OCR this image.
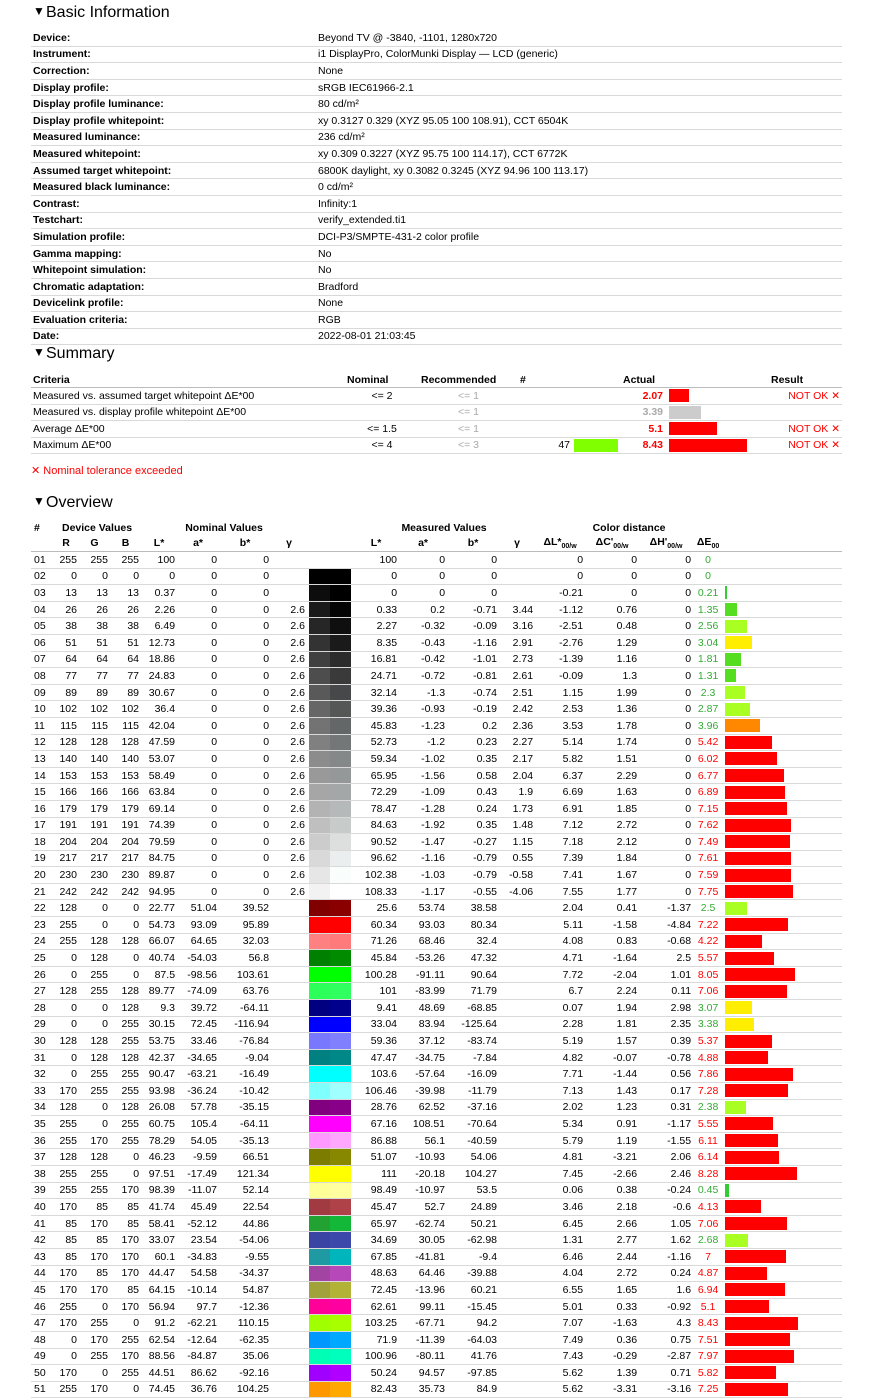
▼ Basic Information
Device:	Beyond TV @ -3840, -1101, 1280x720
Instrument:	i1 DisplayPro, ColorMunki Display — LCD (generic)
Correction:	None
Display profile:	sRGB IEC61966-2.1
Display profile luminance:	80 cd/m²
Display profile whitepoint:	xy 0.3127 0.329 (XYZ 95.05 100 108.91), CCT 6504K
Measured luminance:	236 cd/m²
Measured whitepoint:	xy 0.309 0.3227 (XYZ 95.75 100 114.17), CCT 6772K
Assumed target whitepoint:	6800K daylight, xy 0.3082 0.3245 (XYZ 94.96 100 113.17)
Measured black luminance:	0 cd/m²
Contrast:	Infinity:1
Testchart:	verify_extended.ti1
Simulation profile:	DCI-P3/SMPTE-431-2 color profile
Gamma mapping:	No
Whitepoint simulation:	No
Chromatic adaptation:	Bradford
Devicelink profile:	None
Evaluation criteria:	RGB
Date:	2022-08-01 21:03:45
▼ Summary
Criteria	Nominal	Recommended	#		Actual		Result
Measured vs. assumed target whitepoint ΔE*00	<= 2	<= 1			2.07		NOT OK ✕
Measured vs. display profile whitepoint ΔE*00		<= 1			3.39		
Average ΔE*00	<= 1.5	<= 1			5.1		NOT OK ✕
Maximum ΔE*00	<= 4	<= 3	47		8.43		NOT OK ✕
✕ Nominal tolerance exceeded
▼ Overview
#	Device Values			Nominal Values					Measured Values				Color distance				
	R	G	B	L*	a*	b*	γ		L*	a*	b*	γ	$\Delta L*_{00/w}$	$\Delta C'_{00/w}$	$\Delta H'_{00/w}$	$\Delta E_{00}$	
01	255	255	255	100	0	0			100	0	0		0	0	0	0	
02	0	0	0	0	0	0			0	0	0		0	0	0	0	
03	13	13	13	0.37	0	0			0	0	0		-0.21	0	0	0.21	
04	26	26	26	2.26	0	0	2.6		0.33	0.2	-0.71	3.44	-1.12	0.76	0	1.35	
05	38	38	38	6.49	0	0	2.6		2.27	-0.32	-0.09	3.16	-2.51	0.48	0	2.56	
06	51	51	51	12.73	0	0	2.6		8.35	-0.43	-1.16	2.91	-2.76	1.29	0	3.04	
07	64	64	64	18.86	0	0	2.6		16.81	-0.42	-1.01	2.73	-1.39	1.16	0	1.81	
08	77	77	77	24.83	0	0	2.6		24.71	-0.72	-0.81	2.61	-0.09	1.3	0	1.31	
09	89	89	89	30.67	0	0	2.6		32.14	-1.3	-0.74	2.51	1.15	1.99	0	2.3	
10	102	102	102	36.4	0	0	2.6		39.36	-0.93	-0.19	2.42	2.53	1.36	0	2.87	
11	115	115	115	42.04	0	0	2.6		45.83	-1.23	0.2	2.36	3.53	1.78	0	3.96	
12	128	128	128	47.59	0	0	2.6		52.73	-1.2	0.23	2.27	5.14	1.74	0	5.42	
13	140	140	140	53.07	0	0	2.6		59.34	-1.02	0.35	2.17	5.82	1.51	0	6.02	
14	153	153	153	58.49	0	0	2.6		65.95	-1.56	0.58	2.04	6.37	2.29	0	6.77	
15	166	166	166	63.84	0	0	2.6		72.29	-1.09	0.43	1.9	6.69	1.63	0	6.89	
16	179	179	179	69.14	0	0	2.6		78.47	-1.28	0.24	1.73	6.91	1.85	0	7.15	
17	191	191	191	74.39	0	0	2.6		84.63	-1.92	0.35	1.48	7.12	2.72	0	7.62	
18	204	204	204	79.59	0	0	2.6		90.52	-1.47	-0.27	1.15	7.18	2.12	0	7.49	
19	217	217	217	84.75	0	0	2.6		96.62	-1.16	-0.79	0.55	7.39	1.84	0	7.61	
20	230	230	230	89.87	0	0	2.6		102.38	-1.03	-0.79	-0.58	7.41	1.67	0	7.59	
21	242	242	242	94.95	0	0	2.6		108.33	-1.17	-0.55	-4.06	7.55	1.77	0	7.75	
22	128	0	0	22.77	51.04	39.52			25.6	53.74	38.58		2.04	0.41	-1.37	2.5	
23	255	0	0	54.73	93.09	95.89			60.34	93.03	80.34		5.11	-1.58	-4.84	7.22	
24	255	128	128	66.07	64.65	32.03			71.26	68.46	32.4		4.08	0.83	-0.68	4.22	
25	0	128	0	40.74	-54.03	56.8			45.84	-53.26	47.32		4.71	-1.64	2.5	5.57	
26	0	255	0	87.5	-98.56	103.61			100.28	-91.11	90.64		7.72	-2.04	1.01	8.05	
27	128	255	128	89.77	-74.09	63.76			101	-83.99	71.79		6.7	2.24	0.11	7.06	
28	0	0	128	9.3	39.72	-64.11			9.41	48.69	-68.85		0.07	1.94	2.98	3.07	
29	0	0	255	30.15	72.45	-116.94			33.04	83.94	-125.64		2.28	1.81	2.35	3.38	
30	128	128	255	53.75	33.46	-76.84			59.36	37.12	-83.74		5.19	1.57	0.39	5.37	
31	0	128	128	42.37	-34.65	-9.04			47.47	-34.75	-7.84		4.82	-0.07	-0.78	4.88	
32	0	255	255	90.47	-63.21	-16.49			103.6	-57.64	-16.09		7.71	-1.44	0.56	7.86	
33	170	255	255	93.98	-36.24	-10.42			106.46	-39.98	-11.79		7.13	1.43	0.17	7.28	
34	128	0	128	26.08	57.78	-35.15			28.76	62.52	-37.16		2.02	1.23	0.31	2.38	
35	255	0	255	60.75	105.4	-64.11			67.16	108.51	-70.64		5.34	0.91	-1.17	5.55	
36	255	170	255	78.29	54.05	-35.13			86.88	56.1	-40.59		5.79	1.19	-1.55	6.11	
37	128	128	0	46.23	-9.59	66.51			51.07	-10.93	54.06		4.81	-3.21	2.06	6.14	
38	255	255	0	97.51	-17.49	121.34			111	-20.18	104.27		7.45	-2.66	2.46	8.28	
39	255	255	170	98.39	-11.07	52.14			98.49	-10.97	53.5		0.06	0.38	-0.24	0.45	
40	170	85	85	41.74	45.49	22.54			45.47	52.7	24.89		3.46	2.18	-0.6	4.13	
41	85	170	85	58.41	-52.12	44.86			65.97	-62.74	50.21		6.45	2.66	1.05	7.06	
42	85	85	170	33.07	23.54	-54.06			34.69	30.05	-62.98		1.31	2.77	1.62	2.68	
43	85	170	170	60.1	-34.83	-9.55			67.85	-41.81	-9.4		6.46	2.44	-1.16	7	
44	170	85	170	44.47	54.58	-34.37			48.63	64.46	-39.88		4.04	2.72	0.24	4.87	
45	170	170	85	64.15	-10.14	54.87			72.45	-13.96	60.21		6.55	1.65	1.6	6.94	
46	255	0	170	56.94	97.7	-12.36			62.61	99.11	-15.45		5.01	0.33	-0.92	5.1	
47	170	255	0	91.2	-62.21	110.15			103.25	-67.71	94.2		7.07	-1.63	4.3	8.43	
48	0	170	255	62.54	-12.64	-62.35			71.9	-11.39	-64.03		7.49	0.36	0.75	7.51	
49	0	255	170	88.56	-84.87	35.06			100.96	-80.11	41.76		7.43	-0.29	-2.87	7.97	
50	170	0	255	44.51	86.62	-92.16			50.24	94.57	-97.85		5.62	1.39	0.71	5.82	
51	255	170	0	74.45	36.76	104.25			82.43	35.73	84.9		5.62	-3.31	-3.16	7.25	
